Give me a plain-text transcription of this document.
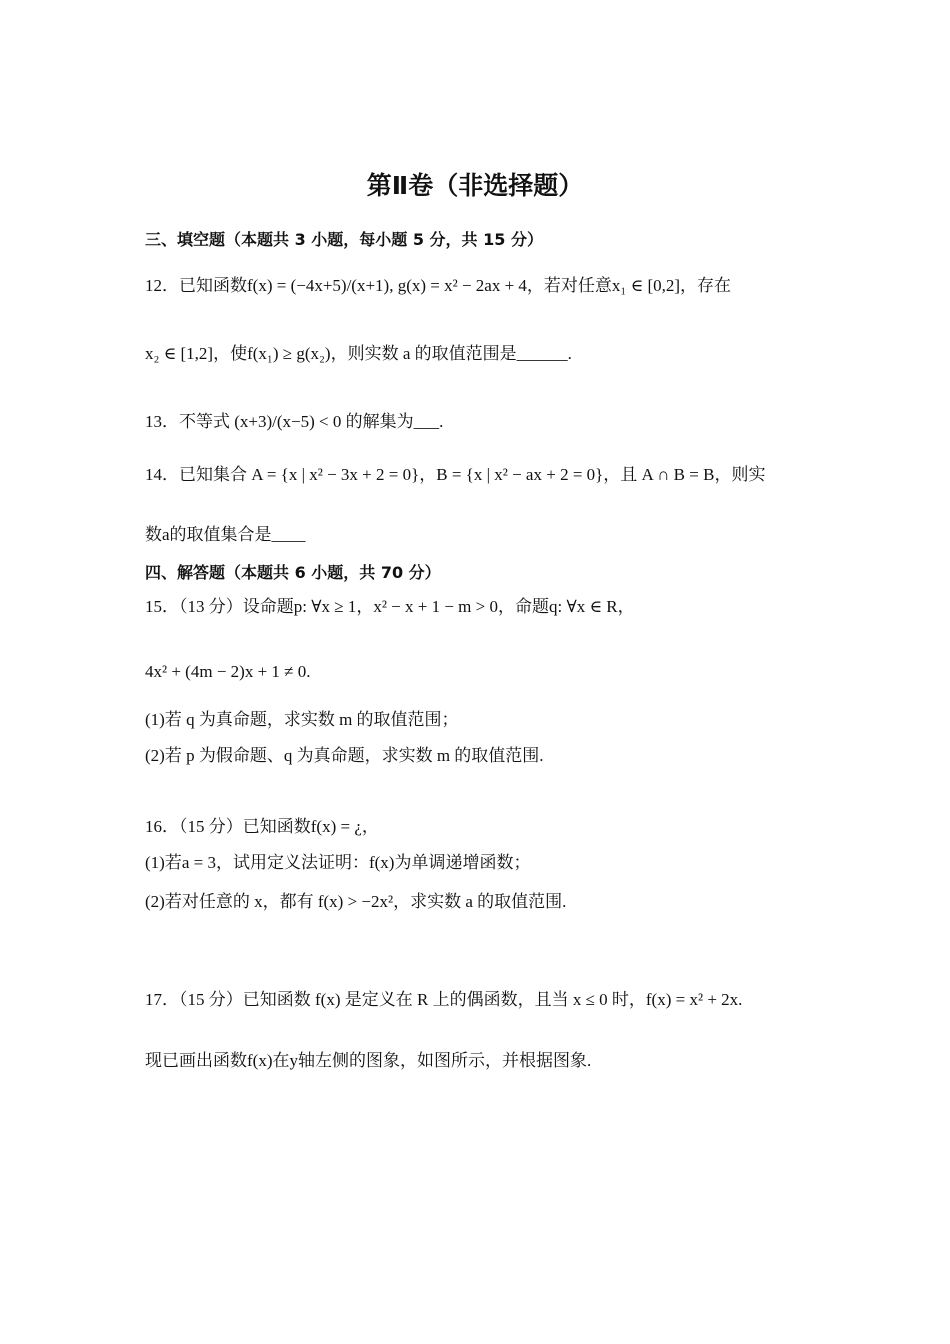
第Ⅱ卷（非选择题）
三、填空题（本题共 3 小题，每小题 5 分，共 15 分）
12．已知函数f(x) = (−4x+5)/(x+1), g(x) = x² − 2ax + 4，若对任意x₁ ∈ [0,2]，存在
x₂ ∈ [1,2]，使f(x₁) ≥ g(x₂)，则实数 a 的取值范围是______.
13．不等式 (x+3)/(x−5) < 0 的解集为___.
14．已知集合 A = {x | x² − 3x + 2 = 0}，B = {x | x² − ax + 2 = 0}，且 A ∩ B = B，则实
数a的取值集合是____
四、解答题（本题共 6 小题，共 70 分）
15．（13 分）设命题p: ∀x ≥ 1，x² − x + 1 − m > 0，命题q: ∀x ∈ R，
4x² + (4m − 2)x + 1 ≠ 0.
(1)若 q 为真命题，求实数 m 的取值范围；
(2)若 p 为假命题、q 为真命题，求实数 m 的取值范围.
16．（15 分）已知函数f(x) = ¿，
(1)若a = 3，试用定义法证明：f(x)为单调递增函数；
(2)若对任意的 x，都有 f(x) > −2x²，求实数 a 的取值范围.
17．（15 分）已知函数 f(x) 是定义在 R 上的偶函数，且当 x ≤ 0 时，f(x) = x² + 2x.
现已画出函数f(x)在y轴左侧的图象，如图所示，并根据图象.
